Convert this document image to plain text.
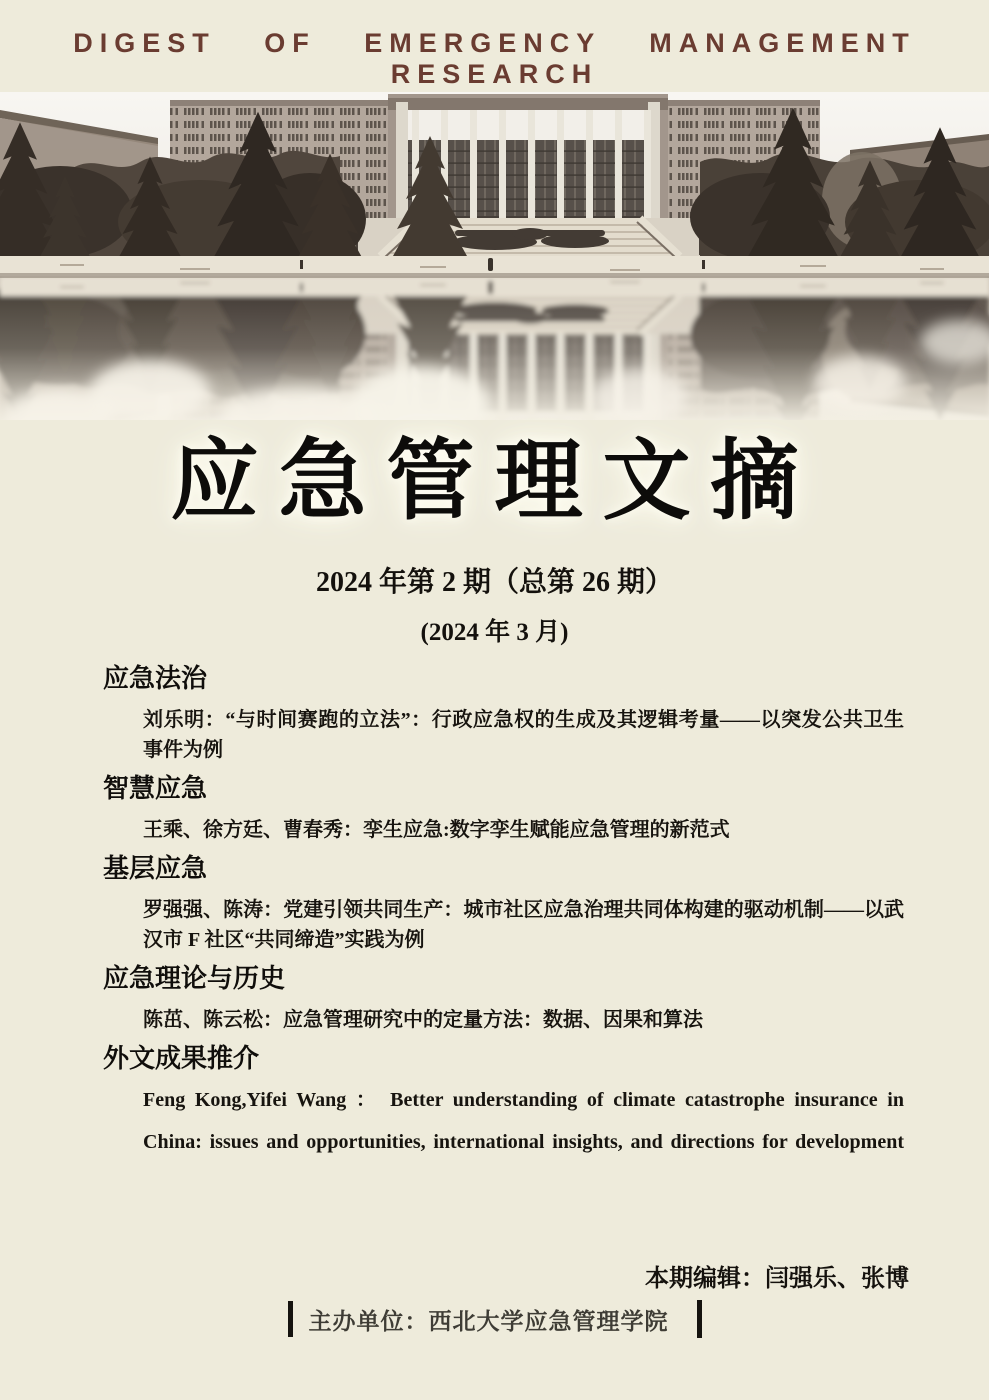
DIGEST OF EMERGENCY MANAGEMENT RESEARCH
应急管理文摘
2024 年第 2 期（总第 26 期）
(2024 年 3 月)
应急法治

刘乐明：“与时间赛跑的立法”：行政应急权的生成及其逻辑考量——以突发公共卫生
事件为例

智慧应急

王乘、徐方廷、曹春秀：孪生应急:数字孪生赋能应急管理的新范式

基层应急

罗强强、陈涛：党建引领共同生产：城市社区应急治理共同体构建的驱动机制——以武
汉市 F 社区“共同缔造”实践为例

应急理论与历史

陈茁、陈云松：应急管理研究中的定量方法：数据、因果和算法

外文成果推介

Feng Kong,Yifei Wang ： Better understanding of climate catastrophe insurance in
China: issues and opportunities, international insights, and directions for development

本期编辑：闫强乐、张博
主办单位：西北大学应急管理学院
